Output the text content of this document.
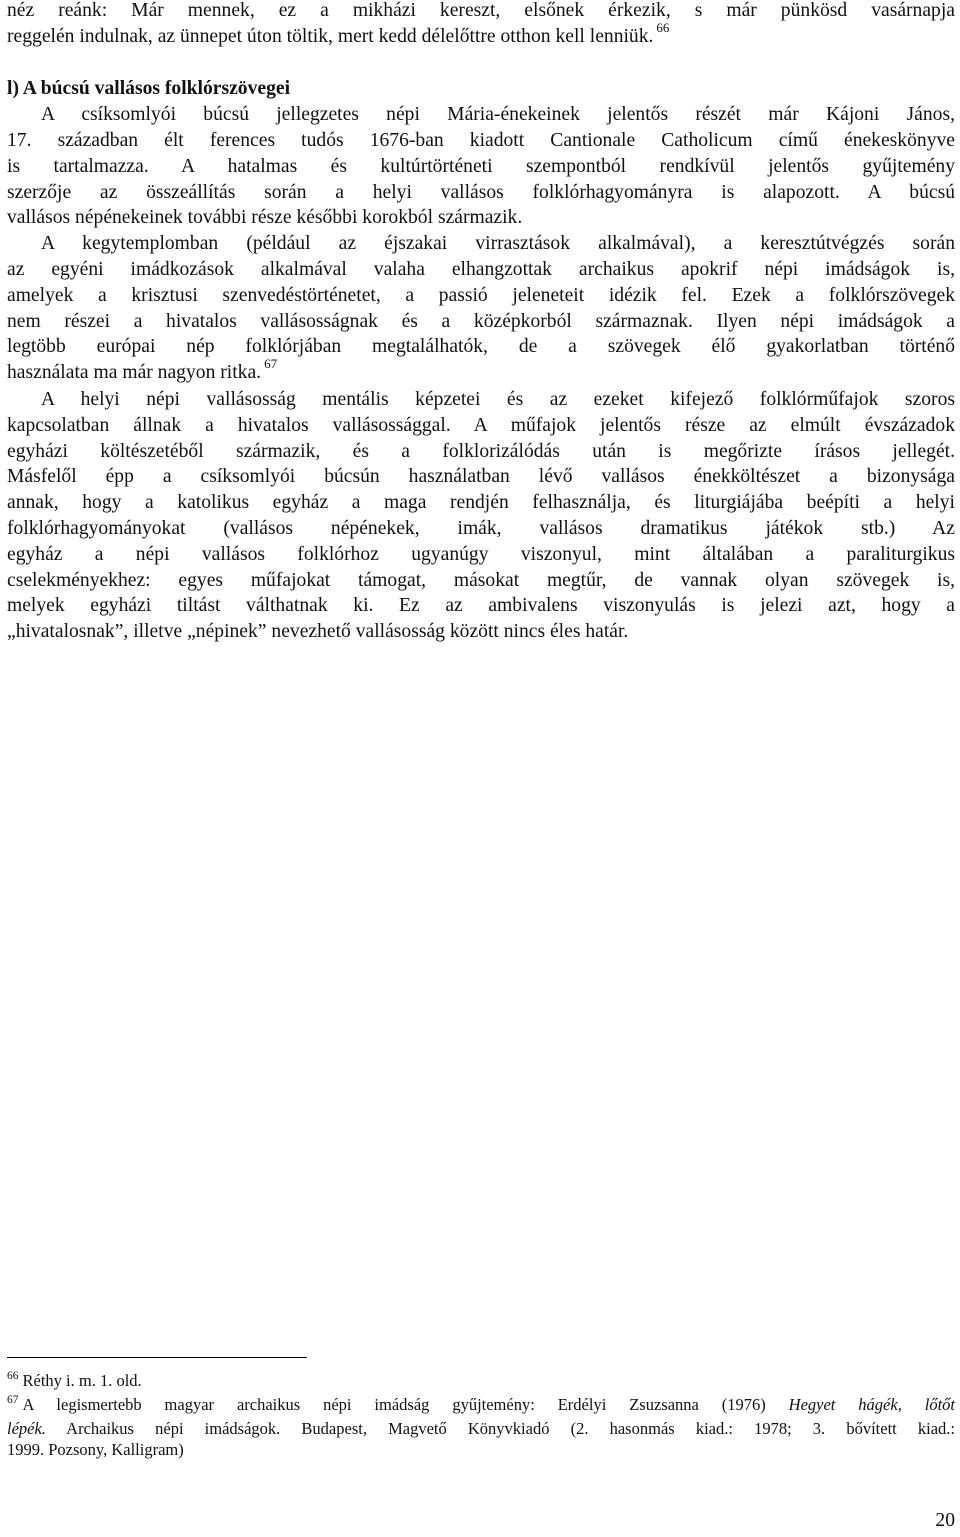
néz reánk: Már mennek, ez a mikházi kereszt, elsőnek érkezik, s már pünkösd vasárnapja
reggelén indulnak, az ünnepet úton töltik, mert kedd délelőttre otthon kell lenniük. $^{66}$

l) A búcsú vallásos folklórszövegei
A csíksomlyói búcsú jellegzetes népi Mária-énekeinek jelentős részét már Kájoni János,
17. században élt ferences tudós 1676-ban kiadott Cantionale Catholicum című énekeskönyve
is tartalmazza. A hatalmas és kultúrtörténeti szempontból rendkívül jelentős gyűjtemény
szerzője az összeállítás során a helyi vallásos folklórhagyományra is alapozott. A búcsú
vallásos népénekeinek további része későbbi korokból származik.
A kegytemplomban (például az éjszakai virrasztások alkalmával), a keresztútvégzés során
az egyéni imádkozások alkalmával valaha elhangzottak archaikus apokrif népi imádságok is,
amelyek a krisztusi szenvedéstörténetet, a passió jeleneteit idézik fel. Ezek a folklórszövegek
nem részei a hivatalos vallásosságnak és a középkorból származnak. Ilyen népi imádságok a
legtöbb európai nép folklórjában megtalálhatók, de a szövegek élő gyakorlatban történő
használata ma már nagyon ritka. $^{67}$
A helyi népi vallásosság mentális képzetei és az ezeket kifejező folklórműfajok szoros
kapcsolatban állnak a hivatalos vallásossággal. A műfajok jelentős része az elmúlt évszázadok
egyházi költészetéből származik, és a folklorizálódás után is megőrizte írásos jellegét.
Másfelől épp a csíksomlyói búcsún használatban lévő vallásos énekköltészet a bizonysága
annak, hogy a katolikus egyház a maga rendjén felhasználja, és liturgiájába beépíti a helyi
folklórhagyományokat (vallásos népénekek, imák, vallásos dramatikus játékok stb.) Az
egyház a népi vallásos folklórhoz ugyanúgy viszonyul, mint általában a paraliturgikus
cselekményekhez: egyes műfajokat támogat, másokat megtűr, de vannak olyan szövegek is,
melyek egyházi tiltást válthatnak ki. Ez az ambivalens viszonyulás is jelezi azt, hogy a
„hivatalosnak”, illetve „népinek” nevezhető vallásosság között nincs éles határ.
$^{66}$ Réthy i. m. 1. old.
$^{67}$ A legismertebb magyar archaikus népi imádság gyűjtemény: Erdélyi Zsuzsanna (1976) Hegyet hágék, lőtőt
lépék. Archaikus népi imádságok. Budapest, Magvető Könyvkiadó (2. hasonmás kiad.: 1978; 3. bővített kiad.:
1999. Pozsony, Kalligram)
20
